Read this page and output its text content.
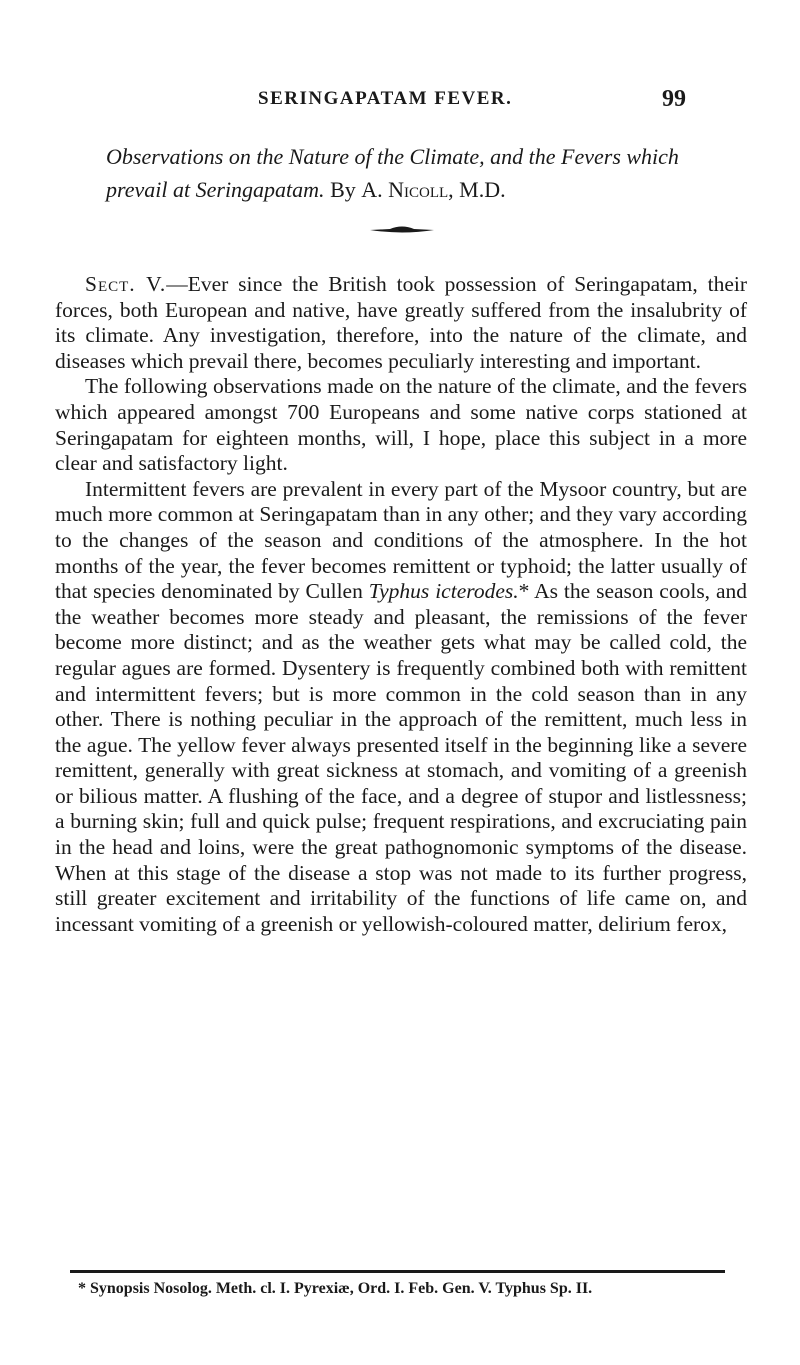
SERINGAPATAM FEVER.	99
Observations on the Nature of the Climate, and the Fevers which prevail at Seringapatam. By A. Nicoll, M.D.

Sect. V.—Ever since the British took possession of Seringapatam, their forces, both European and native, have greatly suffered from the insalubrity of its climate. Any investigation, therefore, into the nature of the climate, and diseases which prevail there, becomes peculiarly interesting and important.

The following observations made on the nature of the climate, and the fevers which appeared amongst 700 Europeans and some native corps stationed at Seringapatam for eighteen months, will, I hope, place this subject in a more clear and satisfactory light.

Intermittent fevers are prevalent in every part of the Mysoor country, but are much more common at Seringapatam than in any other; and they vary according to the changes of the season and conditions of the atmosphere. In the hot months of the year, the fever becomes remittent or typhoid; the latter usually of that species denominated by Cullen Typhus icterodes.* As the season cools, and the weather becomes more steady and pleasant, the remissions of the fever become more distinct; and as the weather gets what may be called cold, the regular agues are formed. Dysentery is frequently combined both with remittent and intermittent fevers; but is more common in the cold season than in any other. There is nothing peculiar in the approach of the remittent, much less in the ague. The yellow fever always presented itself in the beginning like a severe remittent, generally with great sickness at stomach, and vomiting of a greenish or bilious matter. A flushing of the face, and a degree of stupor and listlessness; a burning skin; full and quick pulse; frequent respirations, and excruciating pain in the head and loins, were the great pathognomonic symptoms of the disease. When at this stage of the disease a stop was not made to its further progress, still greater excitement and irritability of the functions of life came on, and incessant vomiting of a greenish or yellowish-coloured matter, delirium ferox,

* Synopsis Nosolog. Meth. cl. I. Pyrexiæ, Ord. I. Feb. Gen. V. Typhus Sp. II.
